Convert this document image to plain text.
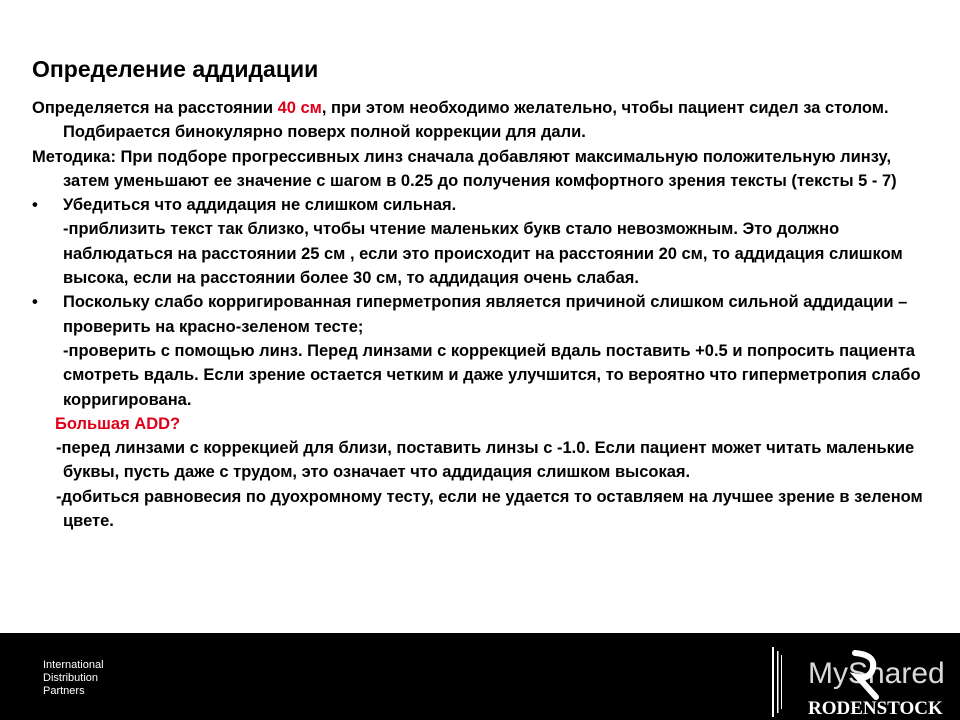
Определение аддидации

Определяется на расстоянии 40 см, при этом необходимо желательно, чтобы пациент сидел за столом. Подбирается бинокулярно поверх полной коррекции для дали.

Методика: При подборе прогрессивных линз сначала добавляют максимальную положительную линзу, затем уменьшают ее значение с шагом в 0.25 до получения комфортного зрения тексты (тексты 5 - 7)

• Убедиться что аддидация не слишком сильная.
-приблизить текст так близко, чтобы чтение маленьких букв стало невозможным. Это должно наблюдаться на расстоянии 25 см , если это происходит на расстоянии 20 см, то аддидация слишком высока, если на расстоянии более 30 см, то аддидация очень слабая.
• Поскольку слабо корригированная гиперметропия является причиной слишком сильной аддидации – проверить на красно-зеленом тесте;
-проверить с помощью линз. Перед линзами с коррекцией вдаль поставить +0.5 и попросить пациента смотреть вдаль. Если зрение остается четким и даже улучшится, то вероятно что гиперметропия слабо корригирована.

Большая ADD?

-перед линзами с коррекцией для близи, поставить линзы с -1.0. Если пациент может читать маленькие буквы, пусть даже с трудом, это означает что аддидация слишком высокая.

-добиться равновесия по дуохромному тесту, если не удается то оставляем на лучшее зрение в зеленом цвете.

International
Distribution
Partners
MyShared
RODENSTOCK
